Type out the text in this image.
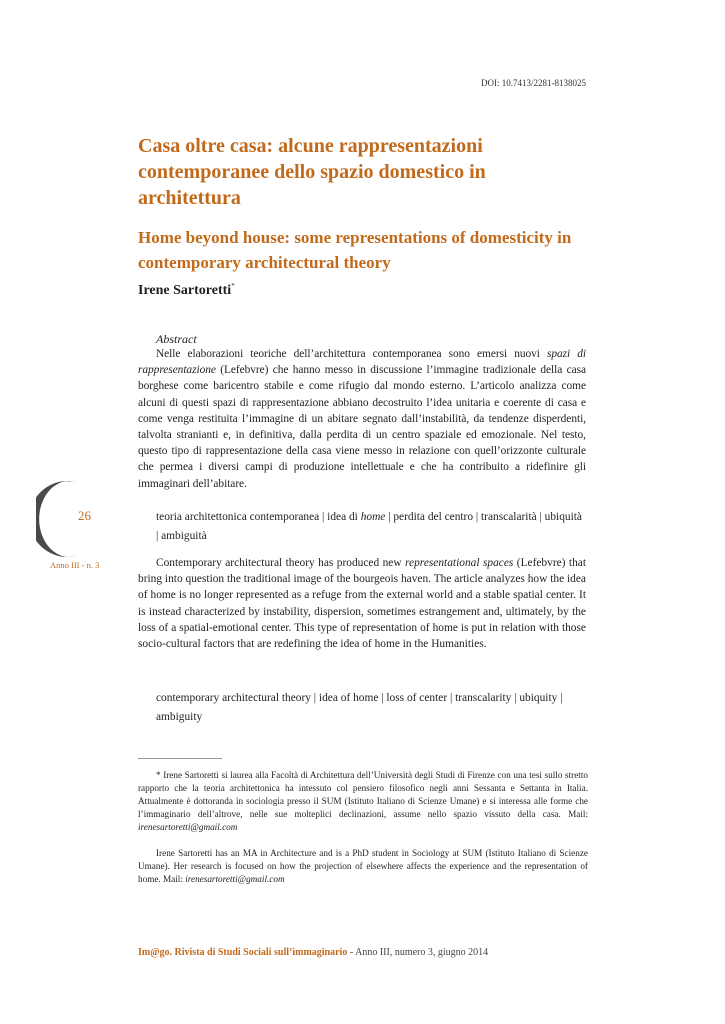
DOI: 10.7413/2281-8138025
Casa oltre casa: alcune rappresentazioni contemporanee dello spazio domestico in architettura
Home beyond house: some representations of domesticity in contemporary architectural theory
Irene Sartoretti*
Abstract

Nelle elaborazioni teoriche dell’architettura contemporanea sono emersi nuovi spazi di rappresentazione (Lefebvre) che hanno messo in discussione l’immagine tradizionale della casa borghese come baricentro stabile e come rifugio dal mondo esterno. L’articolo analizza come alcuni di questi spazi di rappresentazione abbiano decostruito l’idea unitaria e coerente di casa e come venga restituita l’immagine di un abitare segnato dall’instabilità, da tendenze disperdenti, talvolta stranianti e, in definitiva, dalla perdita di un centro spaziale ed emozionale. Nel testo, questo tipo di rappresentazione della casa viene messo in relazione con quell’orizzonte culturale che permea i diversi campi di produzione intellettuale e che ha contribuito a ridefinire gli immaginari dell’abitare.

26
Anno III - n. 3

teoria architettonica contemporanea | idea di home | perdita del centro | transcalarità | ubiquità | ambiguità

Contemporary architectural theory has produced new representational spaces (Lefebvre) that bring into question the traditional image of the bourgeois haven. The article analyzes how the idea of home is no longer represented as a refuge from the external world and a stable spatial center. It is instead characterized by instability, dispersion, sometimes estrangement and, ultimately, by the loss of a spatial-emotional center. This type of representation of home is put in relation with those socio-cultural factors that are redefining the idea of home in the Humanities.

contemporary architectural theory | idea of home | loss of center | transcalarity | ubiquity | ambiguity

* Irene Sartoretti si laurea alla Facoltà di Architettura dell’Università degli Studi di Firenze con una tesi sullo stretto rapporto che la teoria architettonica ha intessuto col pensiero filosofico negli anni Sessanta e Settanta in Italia. Attualmente è dottoranda in sociologia presso il SUM (Istituto Italiano di Scienze Umane) e si interessa alle forme che l’immaginario dell’altrove, nelle sue molteplici declinazioni, assume nello spazio vissuto della casa. Mail: irenesartoretti@gmail.com

Irene Sartoretti has an MA in Architecture and is a PhD student in Sociology at SUM (Istituto Italiano di Scienze Umane). Her research is focused on how the projection of elsewhere affects the experience and the representation of home. Mail: irenesartoretti@gmail.com

Im@go. Rivista di Studi Sociali sull’immaginario - Anno III, numero 3, giugno 2014
